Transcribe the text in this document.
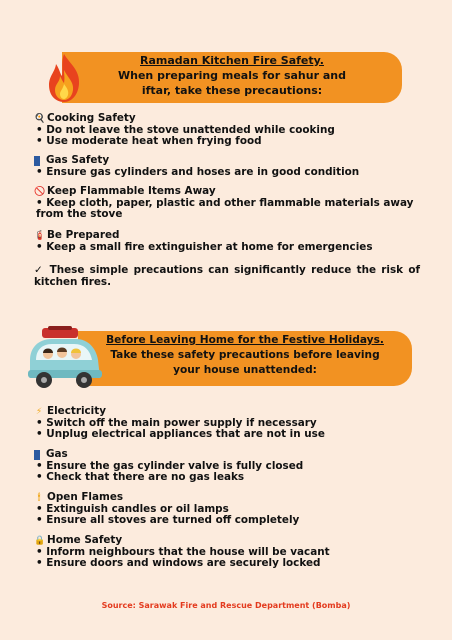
Ramadan Kitchen Fire Safety.
When preparing meals for sahur and
iftar, take these precautions:
🍳 Cooking Safety
• Do not leave the stove unattended while cooking
• Use moderate heat when frying food
Gas Safety
• Ensure gas cylinders and hoses are in good condition
🚫 Keep Flammable Items Away
• Keep cloth, paper, plastic and other flammable materials away from the stove
🧯 Be Prepared
• Keep a small fire extinguisher at home for emergencies
✓ These simple precautions can significantly reduce the risk of kitchen fires.
Before Leaving Home for the Festive Holidays.
Take these safety precautions before leaving
your house unattended:
⚡ Electricity
• Switch off the main power supply if necessary
• Unplug electrical appliances that are not in use
Gas
• Ensure the gas cylinder valve is fully closed
• Check that there are no gas leaks
🕯 Open Flames
• Extinguish candles or oil lamps
• Ensure all stoves are turned off completely
🔒 Home Safety
• Inform neighbours that the house will be vacant
• Ensure doors and windows are securely locked
Source: Sarawak Fire and Rescue Department (Bomba)
